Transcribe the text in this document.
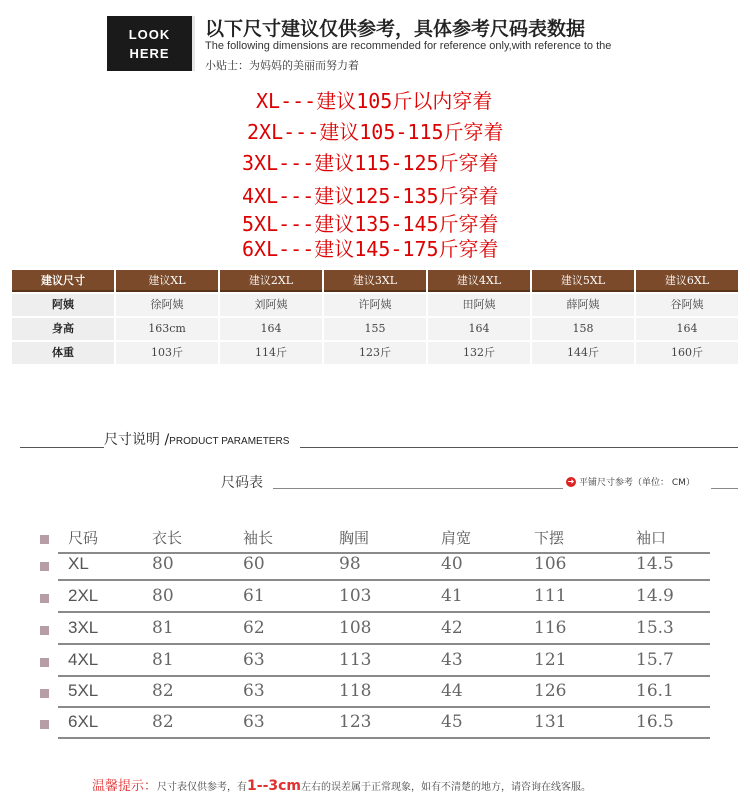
LOOK
HERE
以下尺寸建议仅供参考，具体参考尺码表数据
The following dimensions are recommended for reference only,with reference to the
小贴士：为妈妈的美丽而努力着
XL---建议105斤以内穿着
2XL---建议105-115斤穿着
3XL---建议115-125斤穿着
4XL---建议125-135斤穿着
5XL---建议135-145斤穿着
6XL---建议145-175斤穿着
建议尺寸	建议XL	建议2XL	建议3XL	建议4XL	建议5XL	建议6XL
阿姨	徐阿姨	刘阿姨	许阿姨	田阿姨	薛阿姨	谷阿姨
身高	163cm	164	155	164	158	164
体重	103斤	114斤	123斤	132斤	144斤	160斤
尺寸说明 /PRODUCT PARAMETERS
尺码表	➜ 平铺尺寸参考（单位： CM）
尺码	衣长	袖长	胸围	肩宽	下摆	袖口
XL	80	60	98	40	106	14.5
2XL	80	61	103	41	111	14.9
3XL	81	62	108	42	116	15.3
4XL	81	63	113	43	121	15.7
5XL	82	63	118	44	126	16.1
6XL	82	63	123	45	131	16.5
温馨提示：尺寸表仅供参考，有1--3cm左右的误差属于正常现象，如有不清楚的地方，请咨询在线客服。
